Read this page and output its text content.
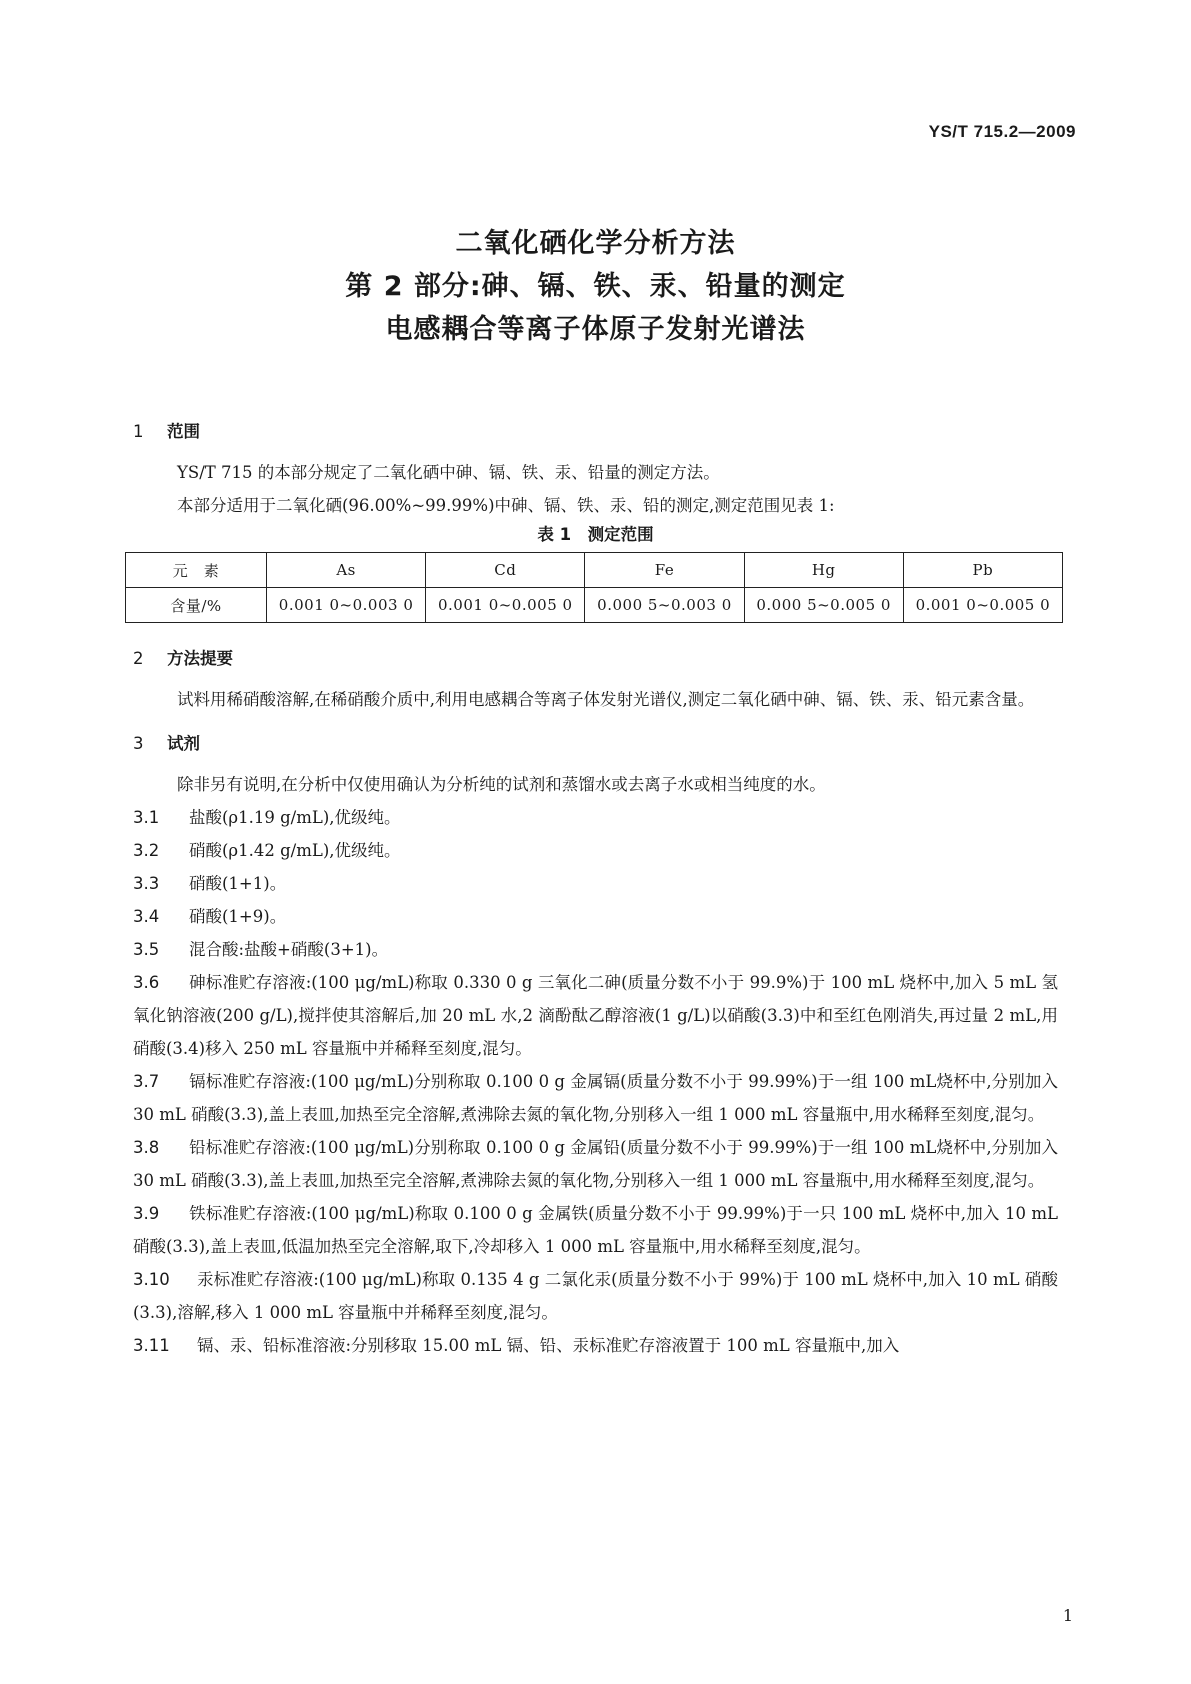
YS/T 715.2—2009
二氧化硒化学分析方法
第 2 部分:砷、镉、铁、汞、铅量的测定
电感耦合等离子体原子发射光谱法
1 范围

YS/T 715 的本部分规定了二氧化硒中砷、镉、铁、汞、铅量的测定方法。

本部分适用于二氧化硒(96.00%~99.99%)中砷、镉、铁、汞、铅的测定,测定范围见表 1:

表 1　测定范围
元　素	As	Cd	Fe	Hg	Pb
含量/%	0.001 0~0.003 0	0.001 0~0.005 0	0.000 5~0.003 0	0.000 5~0.005 0	0.001 0~0.005 0
2 方法提要

试料用稀硝酸溶解,在稀硝酸介质中,利用电感耦合等离子体发射光谱仪,测定二氧化硒中砷、镉、铁、汞、铅元素含量。

3 试剂

除非另有说明,在分析中仅使用确认为分析纯的试剂和蒸馏水或去离子水或相当纯度的水。

3.1 盐酸(ρ1.19 g/mL),优级纯。

3.2 硝酸(ρ1.42 g/mL),优级纯。

3.3 硝酸(1+1)。

3.4 硝酸(1+9)。

3.5 混合酸:盐酸+硝酸(3+1)。

3.6 砷标准贮存溶液:(100 μg/mL)称取 0.330 0 g 三氧化二砷(质量分数不小于 99.9%)于 100 mL 烧杯中,加入 5 mL 氢氧化钠溶液(200 g/L),搅拌使其溶解后,加 20 mL 水,2 滴酚酞乙醇溶液(1 g/L)以硝酸(3.3)中和至红色刚消失,再过量 2 mL,用硝酸(3.4)移入 250 mL 容量瓶中并稀释至刻度,混匀。

3.7 镉标准贮存溶液:(100 μg/mL)分别称取 0.100 0 g 金属镉(质量分数不小于 99.99%)于一组 100 mL烧杯中,分别加入 30 mL 硝酸(3.3),盖上表皿,加热至完全溶解,煮沸除去氮的氧化物,分别移入一组 1 000 mL 容量瓶中,用水稀释至刻度,混匀。

3.8 铅标准贮存溶液:(100 μg/mL)分别称取 0.100 0 g 金属铅(质量分数不小于 99.99%)于一组 100 mL烧杯中,分别加入 30 mL 硝酸(3.3),盖上表皿,加热至完全溶解,煮沸除去氮的氧化物,分别移入一组 1 000 mL 容量瓶中,用水稀释至刻度,混匀。

3.9 铁标准贮存溶液:(100 μg/mL)称取 0.100 0 g 金属铁(质量分数不小于 99.99%)于一只 100 mL 烧杯中,加入 10 mL 硝酸(3.3),盖上表皿,低温加热至完全溶解,取下,冷却移入 1 000 mL 容量瓶中,用水稀释至刻度,混匀。

3.10 汞标准贮存溶液:(100 μg/mL)称取 0.135 4 g 二氯化汞(质量分数不小于 99%)于 100 mL 烧杯中,加入 10 mL 硝酸(3.3),溶解,移入 1 000 mL 容量瓶中并稀释至刻度,混匀。

3.11 镉、汞、铅标准溶液:分别移取 15.00 mL 镉、铅、汞标准贮存溶液置于 100 mL 容量瓶中,加入

1
